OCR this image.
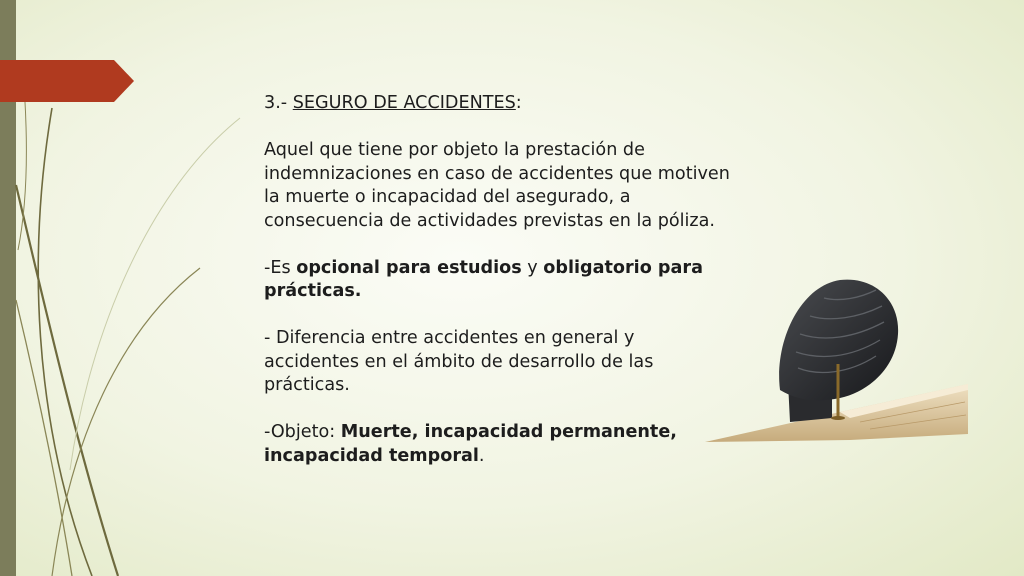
3.- SEGURO DE ACCIDENTES:

Aquel que tiene por objeto la prestación de indemnizaciones en caso de accidentes que motiven la muerte o incapacidad del asegurado, a consecuencia de actividades previstas en la póliza.

-Es opcional para estudios y obligatorio para prácticas.

- Diferencia entre accidentes en general y accidentes en el ámbito de desarrollo de las prácticas.

-Objeto: Muerte, incapacidad permanente, incapacidad temporal.
